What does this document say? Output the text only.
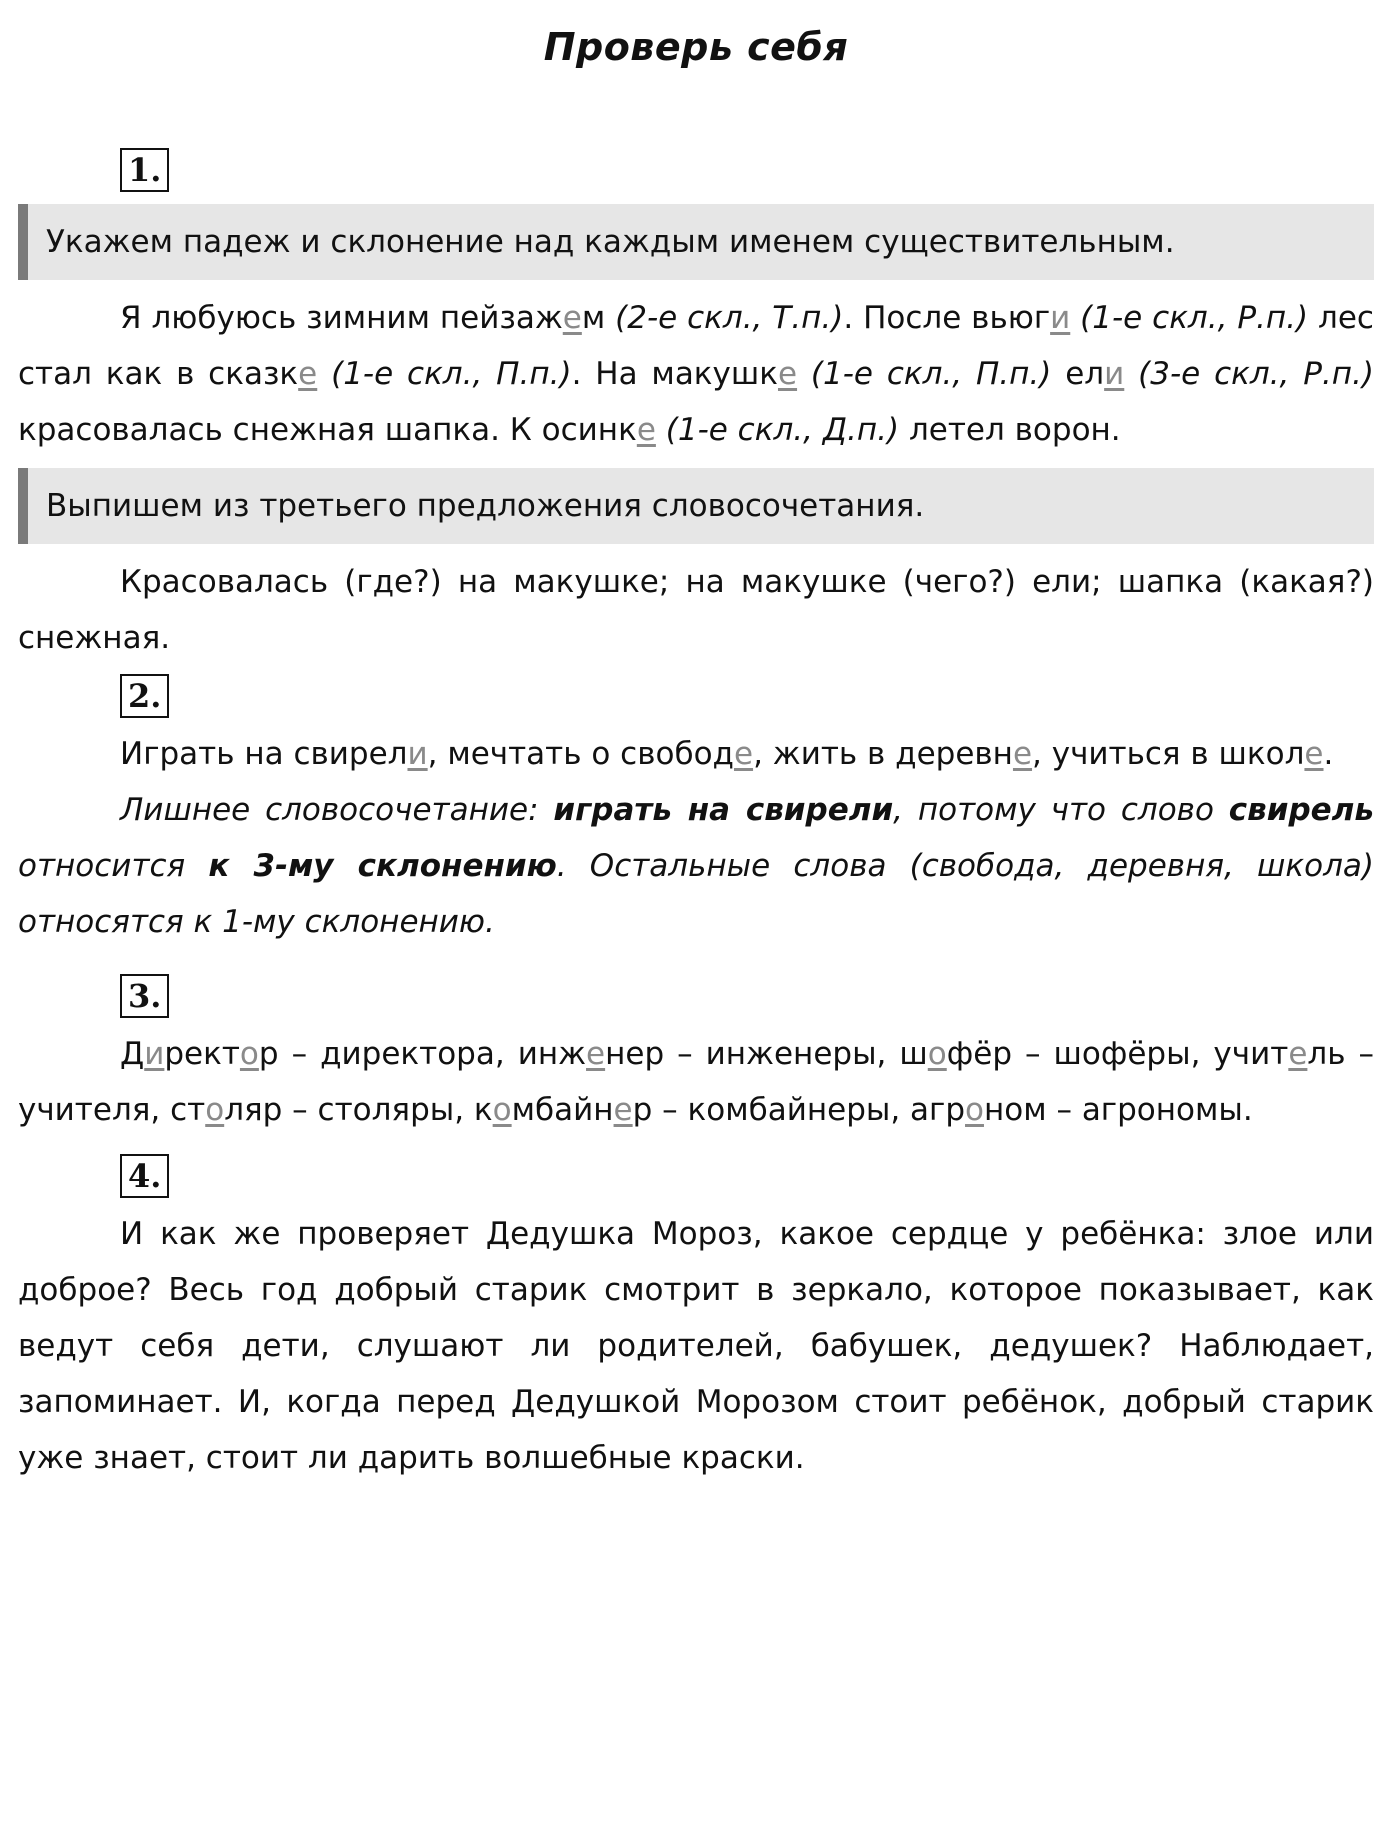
Проверь себя
1.
Укажем падеж и склонение над каждым именем существительным.

Я любуюсь зимним пейзажем (2-е скл., Т.п.). После вьюги (1-е скл., Р.п.) лес стал как в сказке (1-е скл., П.п.). На макушке (1-е скл., П.п.) ели (3-е скл., Р.п.) красовалась снежная шапка. К осинке (1-е скл., Д.п.) летел ворон.

Выпишем из третьего предложения словосочетания.

Красовалась (где?) на макушке; на макушке (чего?) ели; шапка (какая?) снежная.

2.

Играть на свирели, мечтать о свободе, жить в деревне, учиться в школе.

Лишнее словосочетание: играть на свирели, потому что слово свирель относится к 3-му склонению. Остальные слова (свобода, деревня, школа) относятся к 1-му склонению.

3.

Директор – директора, инженер – инженеры, шофёр – шофёры, учитель – учителя, столяр – столяры, комбайнер – комбайнеры, агроном – агрономы.

4.

И как же проверяет Дедушка Мороз, какое сердце у ребёнка: злое или доброе? Весь год добрый старик смотрит в зеркало, которое показывает, как ведут себя дети, слушают ли родителей, бабушек, дедушек? Наблюдает, запоминает. И, когда перед Дедушкой Морозом стоит ребёнок, добрый старик уже знает, стоит ли дарить волшебные краски.
